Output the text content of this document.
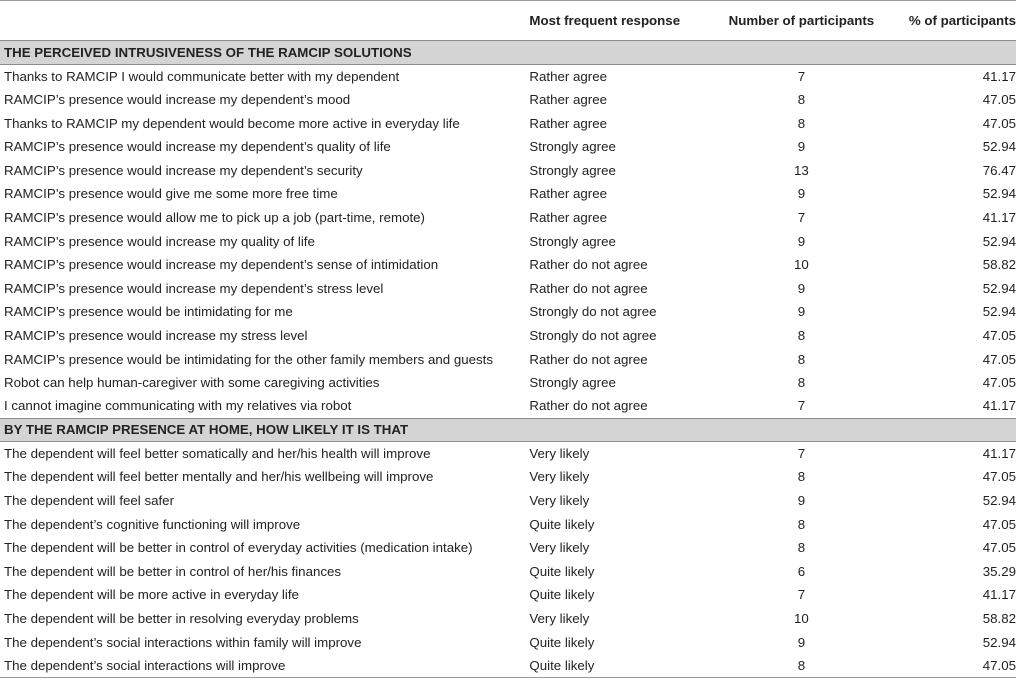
	Most frequent response	Number of participants	% of participants
THE PERCEIVED INTRUSIVENESS OF THE RAMCIP SOLUTIONS			
Thanks to RAMCIP I would communicate better with my dependent	Rather agree	7	41.17
RAMCIP’s presence would increase my dependent’s mood	Rather agree	8	47.05
Thanks to RAMCIP my dependent would become more active in everyday life	Rather agree	8	47.05
RAMCIP’s presence would increase my dependent’s quality of life	Strongly agree	9	52.94
RAMCIP’s presence would increase my dependent’s security	Strongly agree	13	76.47
RAMCIP’s presence would give me some more free time	Rather agree	9	52.94
RAMCIP’s presence would allow me to pick up a job (part-time, remote)	Rather agree	7	41.17
RAMCIP’s presence would increase my quality of life	Strongly agree	9	52.94
RAMCIP’s presence would increase my dependent’s sense of intimidation	Rather do not agree	10	58.82
RAMCIP’s presence would increase my dependent’s stress level	Rather do not agree	9	52.94
RAMCIP’s presence would be intimidating for me	Strongly do not agree	9	52.94
RAMCIP’s presence would increase my stress level	Strongly do not agree	8	47.05
RAMCIP’s presence would be intimidating for the other family members and guests	Rather do not agree	8	47.05
Robot can help human-caregiver with some caregiving activities	Strongly agree	8	47.05
I cannot imagine communicating with my relatives via robot	Rather do not agree	7	41.17
BY THE RAMCIP PRESENCE AT HOME, HOW LIKELY IT IS THAT			
The dependent will feel better somatically and her/his health will improve	Very likely	7	41.17
The dependent will feel better mentally and her/his wellbeing will improve	Very likely	8	47.05
The dependent will feel safer	Very likely	9	52.94
The dependent’s cognitive functioning will improve	Quite likely	8	47.05
The dependent will be better in control of everyday activities (medication intake)	Very likely	8	47.05
The dependent will be better in control of her/his finances	Quite likely	6	35.29
The dependent will be more active in everyday life	Quite likely	7	41.17
The dependent will be better in resolving everyday problems	Very likely	10	58.82
The dependent’s social interactions within family will improve	Quite likely	9	52.94
The dependent’s social interactions will improve	Quite likely	8	47.05
